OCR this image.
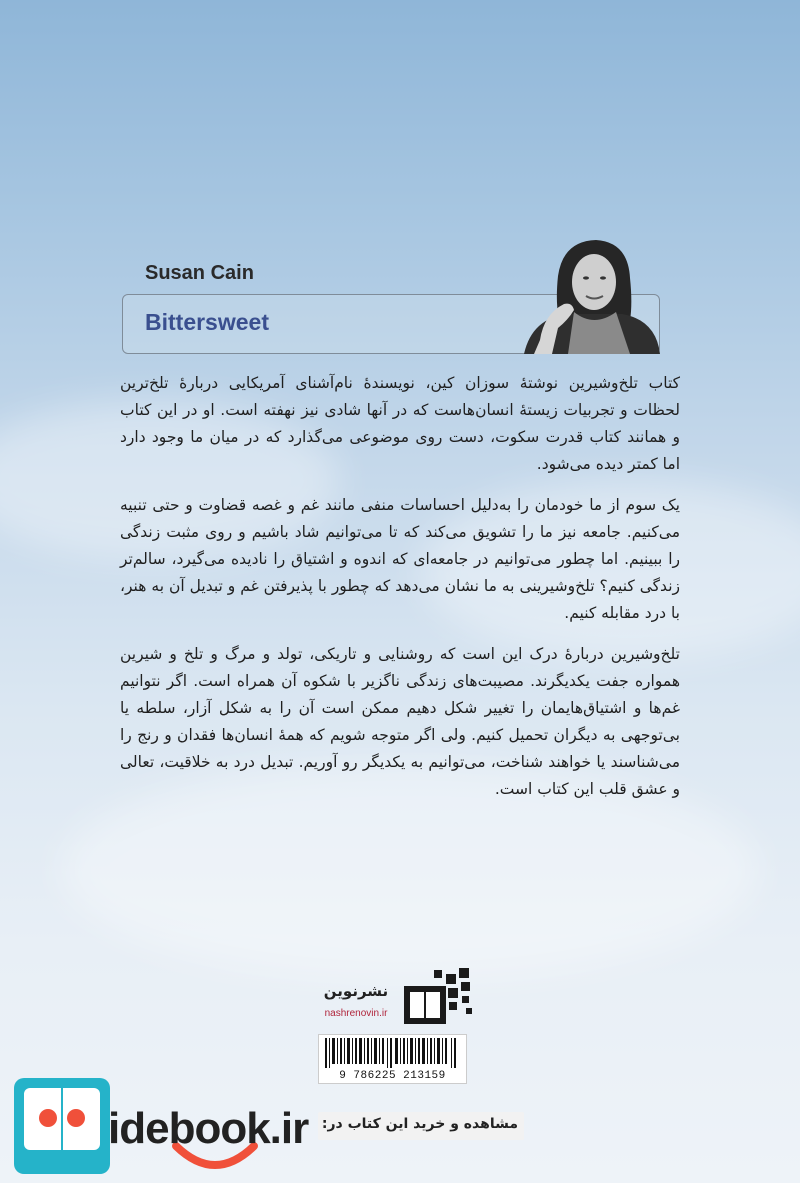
Susan Cain
Bittersweet

کتاب تلخ‌وشیرین نوشتهٔ سوزان کین، نویسندهٔ نام‌آشنای آمریکایی دربارهٔ تلخ‌ترین لحظات و تجربیات زیستهٔ انسان‌هاست که در آنها شادی نیز نهفته است. او در این کتاب و همانند کتاب قدرت سکوت، دست روی موضوعی می‌گذارد که در میان ما وجود دارد اما کمتر دیده می‌شود.

یک سوم از ما خودمان را به‌دلیل احساسات منفی مانند غم و غصه قضاوت و حتی تنبیه می‌کنیم. جامعه نیز ما را تشویق می‌کند که تا می‌توانیم شاد باشیم و روی مثبت زندگی را ببینیم. اما چطور می‌توانیم در جامعه‌ای که اندوه و اشتیاق را نادیده می‌گیرد، سالم‌تر زندگی کنیم؟ تلخ‌وشیرینی به ما نشان می‌دهد که چطور با پذیرفتن غم و تبدیل آن به هنر، با درد مقابله کنیم.

تلخ‌وشیرین دربارهٔ درک این است که روشنایی و تاریکی، تولد و مرگ و تلخ و شیرین همواره جفت یکدیگرند. مصیبت‌های زندگی ناگزیر با شکوه آن همراه است. اگر نتوانیم غم‌ها و اشتیاق‌هایمان را تغییر شکل دهیم ممکن است آن را به شکل آزار، سلطه یا بی‌توجهی به دیگران تحمیل کنیم. ولی اگر متوجه شویم که همهٔ انسان‌ها فقدان و رنج را می‌شناسند یا خواهند شناخت، می‌توانیم به یکدیگر رو آوریم. تبدیل درد به خلاقیت، تعالی و عشق قلب این کتاب است.

نشرنوین
nashrenovin.ir
9 786225 213159
idebook.ir مشاهده و خرید این کتاب در:
